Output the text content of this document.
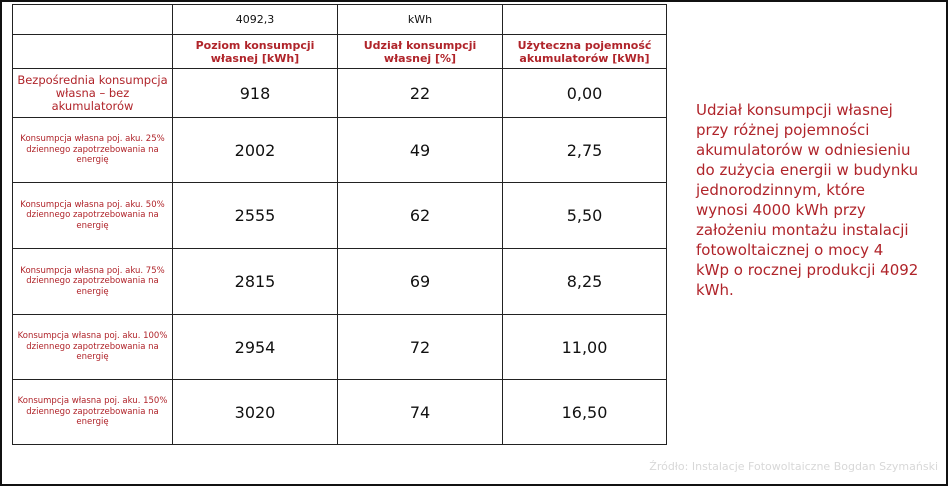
	4092,3	kWh	
	Poziom konsumpcji własnej [kWh]	Udział konsumpcji własnej [%]	Użyteczna pojemność akumulatorów [kWh]
Bezpośrednia konsumpcja własna – bez akumulatorów	918	22	0,00
Konsumpcja własna poj. aku. 25% dziennego zapotrzebowania na energię	2002	49	2,75
Konsumpcja własna poj. aku. 50% dziennego zapotrzebowania na energię	2555	62	5,50
Konsumpcja własna poj. aku. 75% dziennego zapotrzebowania na energię	2815	69	8,25
Konsumpcja własna poj. aku. 100% dziennego zapotrzebowania na energię	2954	72	11,00
Konsumpcja własna poj. aku. 150% dziennego zapotrzebowania na energię	3020	74	16,50
Udział konsumpcji własnej przy różnej pojemności akumulatorów w odniesieniu do zużycia energii w budynku jednorodzinnym, które wynosi 4000 kWh przy założeniu montażu instalacji fotowoltaicznej o mocy 4 kWp o rocznej produkcji 4092 kWh.
Źródło: Instalacje Fotowoltaiczne Bogdan Szymański
